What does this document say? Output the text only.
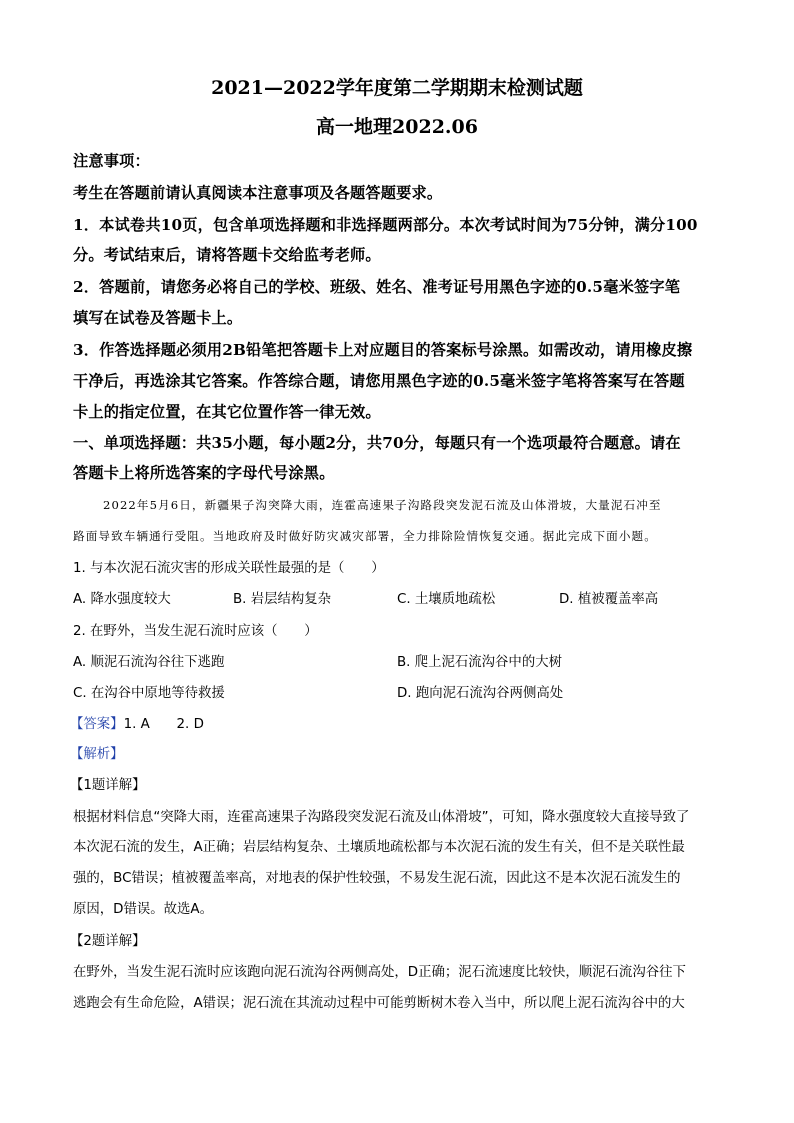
2021—2022学年度第二学期期末检测试题
高一地理2022.06
注意事项：
考生在答题前请认真阅读本注意事项及各题答题要求。
1．本试卷共10页，包含单项选择题和非选择题两部分。本次考试时间为75分钟，满分100
分。考试结束后，请将答题卡交给监考老师。
2．答题前，请您务必将自己的学校、班级、姓名、准考证号用黑色字迹的0.5毫米签字笔
填写在试卷及答题卡上。
3．作答选择题必须用2B铅笔把答题卡上对应题目的答案标号涂黑。如需改动，请用橡皮擦
干净后，再选涂其它答案。作答综合题，请您用黑色字迹的0.5毫米签字笔将答案写在答题
卡上的指定位置，在其它位置作答一律无效。
一、单项选择题：共35小题，每小题2分，共70分，每题只有一个选项最符合题意。请在
答题卡上将所选答案的字母代号涂黑。
2022年5月6日，新疆果子沟突降大雨，连霍高速果子沟路段突发泥石流及山体滑坡，大量泥石冲至
路面导致车辆通行受阻。当地政府及时做好防灾减灾部署，全力排除险情恢复交通。据此完成下面小题。
1. 与本次泥石流灾害的形成关联性最强的是（　　）
A. 降水强度较大	B. 岩层结构复杂	C. 土壤质地疏松	D. 植被覆盖率高
2. 在野外，当发生泥石流时应该（　　）
A. 顺泥石流沟谷往下逃跑	B. 爬上泥石流沟谷中的大树
C. 在沟谷中原地等待救援	D. 跑向泥石流沟谷两侧高处
【答案】1. A　　2. D
【解析】
【1题详解】
根据材料信息“突降大雨，连霍高速果子沟路段突发泥石流及山体滑坡”，可知，降水强度较大直接导致了
本次泥石流的发生，A正确；岩层结构复杂、土壤质地疏松都与本次泥石流的发生有关，但不是关联性最
强的，BC错误；植被覆盖率高，对地表的保护性较强，不易发生泥石流，因此这不是本次泥石流发生的
原因，D错误。故选A。
【2题详解】
在野外，当发生泥石流时应该跑向泥石流沟谷两侧高处，D正确；泥石流速度比较快，顺泥石流沟谷往下
逃跑会有生命危险，A错误；泥石流在其流动过程中可能剪断树木卷入当中，所以爬上泥石流沟谷中的大
